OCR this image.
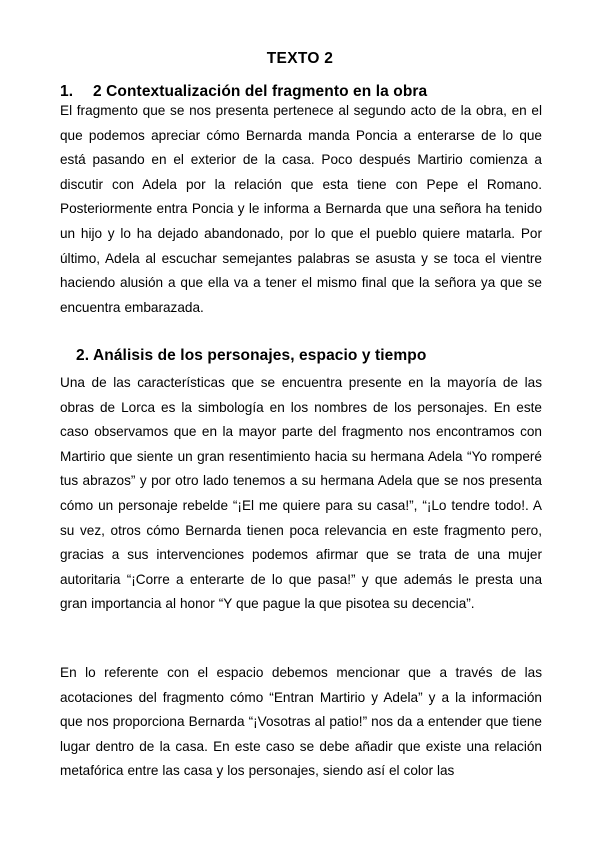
TEXTO 2
1. 2 Contextualización del fragmento en la obra

El fragmento que se nos presenta pertenece al segundo acto de la obra, en el que podemos apreciar cómo Bernarda manda Poncia a enterarse de lo que está pasando en el exterior de la casa. Poco después Martirio comienza a discutir con Adela por la relación que esta tiene con Pepe el Romano. Posteriormente entra Poncia y le informa a Bernarda que una señora ha tenido un hijo y lo ha dejado abandonado, por lo que el pueblo quiere matarla. Por último, Adela al escuchar semejantes palabras se asusta y se toca el vientre haciendo alusión a que ella va a tener el mismo final que la señora ya que se encuentra embarazada.

2. Análisis de los personajes, espacio y tiempo

Una de las características que se encuentra presente en la mayoría de las obras de Lorca es la simbología en los nombres de los personajes. En este caso observamos que en la mayor parte del fragmento nos encontramos con Martirio que siente un gran resentimiento hacia su hermana Adela “Yo romperé tus abrazos” y por otro lado tenemos a su hermana Adela que se nos presenta cómo un personaje rebelde “¡El me quiere para su casa!”, “¡Lo tendre todo!. A su vez, otros cómo Bernarda tienen poca relevancia en este fragmento pero, gracias a sus intervenciones podemos afirmar que se trata de una mujer autoritaria “¡Corre a enterarte de lo que pasa!” y que además le presta una gran importancia al honor “Y que pague la que pisotea su decencia”.

En lo referente con el espacio debemos mencionar que a través de las acotaciones del fragmento cómo “Entran Martirio y Adela” y a la información que nos proporciona Bernarda “¡Vosotras al patio!” nos da a entender que tiene lugar dentro de la casa. En este caso se debe añadir que existe una relación metafórica entre las casa y los personajes, siendo así el color las
